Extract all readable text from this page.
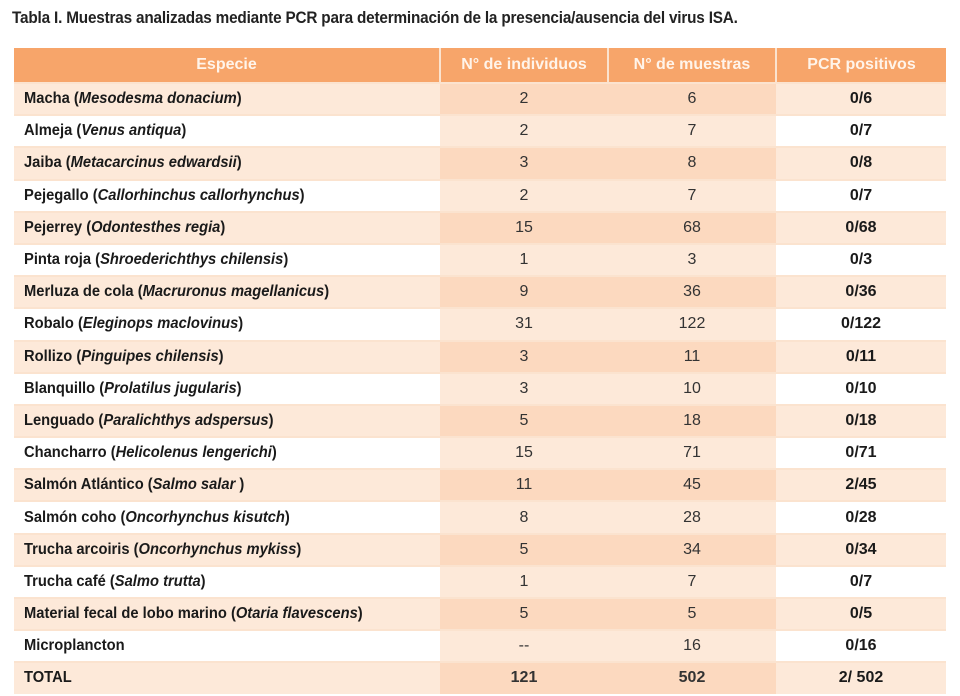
Tabla I. Muestras analizadas mediante PCR para determinación de la presencia/ausencia del virus ISA.
Especie	N° de individuos	N° de muestras	PCR positivos
Macha (Mesodesma donacium)	2	6	0/6
Almeja (Venus antiqua)	2	7	0/7
Jaiba (Metacarcinus edwardsii)	3	8	0/8
Pejegallo (Callorhinchus callorhynchus)	2	7	0/7
Pejerrey (Odontesthes regia)	15	68	0/68
Pinta roja (Shroederichthys chilensis)	1	3	0/3
Merluza de cola (Macruronus magellanicus)	9	36	0/36
Robalo (Eleginops maclovinus)	31	122	0/122
Rollizo (Pinguipes chilensis)	3	11	0/11
Blanquillo (Prolatilus jugularis)	3	10	0/10
Lenguado (Paralichthys adspersus)	5	18	0/18
Chancharro (Helicolenus lengerichi)	15	71	0/71
Salmón Atlántico (Salmo salar )	11	45	2/45
Salmón coho (Oncorhynchus kisutch)	8	28	0/28
Trucha arcoiris (Oncorhynchus mykiss)	5	34	0/34
Trucha café (Salmo trutta)	1	7	0/7
Material fecal de lobo marino (Otaria flavescens)	5	5	0/5
Microplancton	--	16	0/16
TOTAL	121	502	2/ 502
